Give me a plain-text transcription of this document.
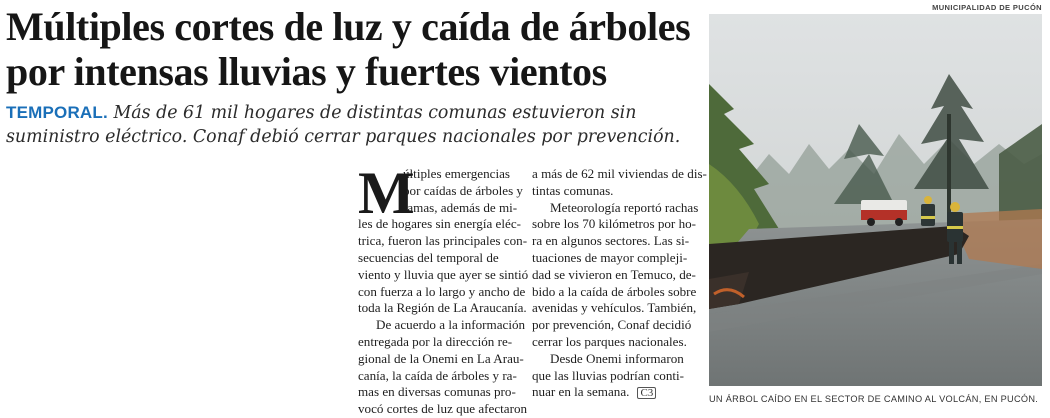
Múltiples cortes de luz y caída de árboles
por intensas lluvias y fuertes vientos
TEMPORAL. Más de 61 mil hogares de distintas comunas estuvieron sin
suministro eléctrico. Conaf debió cerrar parques nacionales por prevención.
M
últiples emergencias
por caídas de árboles y
ramas, además de mi-
les de hogares sin energía eléc-
trica, fueron las principales con-
secuencias del temporal de
viento y lluvia que ayer se sintió
con fuerza a lo largo y ancho de
toda la Región de La Araucanía.
De acuerdo a la información
entregada por la dirección re-
gional de la Onemi en La Arau-
canía, la caída de árboles y ra-
mas en diversas comunas pro-
vocó cortes de luz que afectaron
a más de 62 mil viviendas de dis-
tintas comunas.
Meteorología reportó rachas
sobre los 70 kilómetros por ho-
ra en algunos sectores. Las si-
tuaciones de mayor compleji-
dad se vivieron en Temuco, de-
bido a la caída de árboles sobre
avenidas y vehículos. También,
por prevención, Conaf decidió
cerrar los parques nacionales.
Desde Onemi informaron
que las lluvias podrían conti-
nuar en la semana. C3
MUNICIPALIDAD DE PUCÓN
UN ÁRBOL CAÍDO EN EL SECTOR DE CAMINO AL VOLCÁN, EN PUCÓN.
